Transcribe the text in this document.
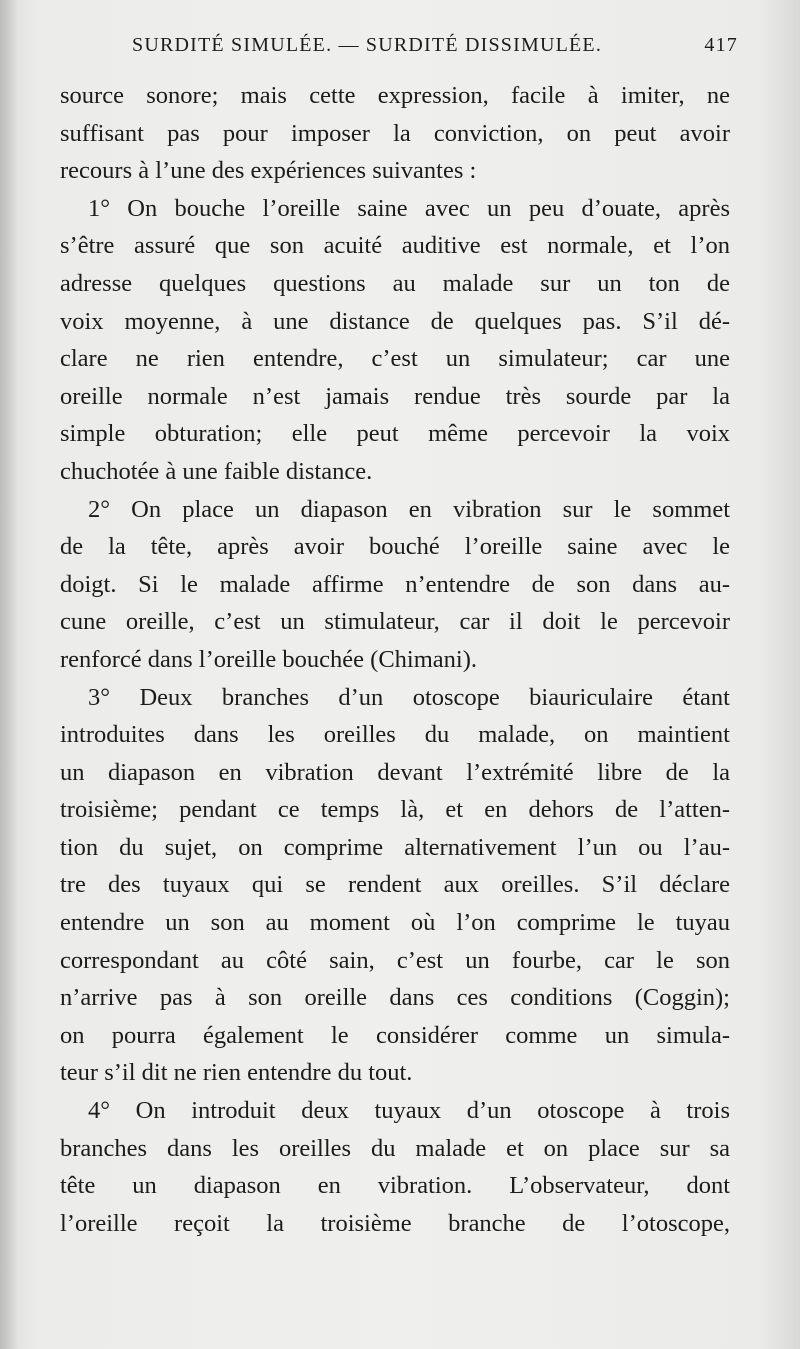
SURDITÉ SIMULÉE. — SURDITÉ DISSIMULÉE.	417
source sonore; mais cette expression, facile à imiter, ne
suffisant pas pour imposer la conviction, on peut avoir
recours à l’une des expériences suivantes :
1° On bouche l’oreille saine avec un peu d’ouate, après
s’être assuré que son acuité auditive est normale, et l’on
adresse quelques questions au malade sur un ton de
voix moyenne, à une distance de quelques pas. S’il dé-
clare ne rien entendre, c’est un simulateur; car une
oreille normale n’est jamais rendue très sourde par la
simple obturation; elle peut même percevoir la voix
chuchotée à une faible distance.
2° On place un diapason en vibration sur le sommet
de la tête, après avoir bouché l’oreille saine avec le
doigt. Si le malade affirme n’entendre de son dans au-
cune oreille, c’est un stimulateur, car il doit le percevoir
renforcé dans l’oreille bouchée (Chimani).
3° Deux branches d’un otoscope biauriculaire étant
introduites dans les oreilles du malade, on maintient
un diapason en vibration devant l’extrémité libre de la
troisième; pendant ce temps là, et en dehors de l’atten-
tion du sujet, on comprime alternativement l’un ou l’au-
tre des tuyaux qui se rendent aux oreilles. S’il déclare
entendre un son au moment où l’on comprime le tuyau
correspondant au côté sain, c’est un fourbe, car le son
n’arrive pas à son oreille dans ces conditions (Coggin);
on pourra également le considérer comme un simula-
teur s’il dit ne rien entendre du tout.
4° On introduit deux tuyaux d’un otoscope à trois
branches dans les oreilles du malade et on place sur sa
tête un diapason en vibration. L’observateur, dont
l’oreille reçoit la troisième branche de l’otoscope,
